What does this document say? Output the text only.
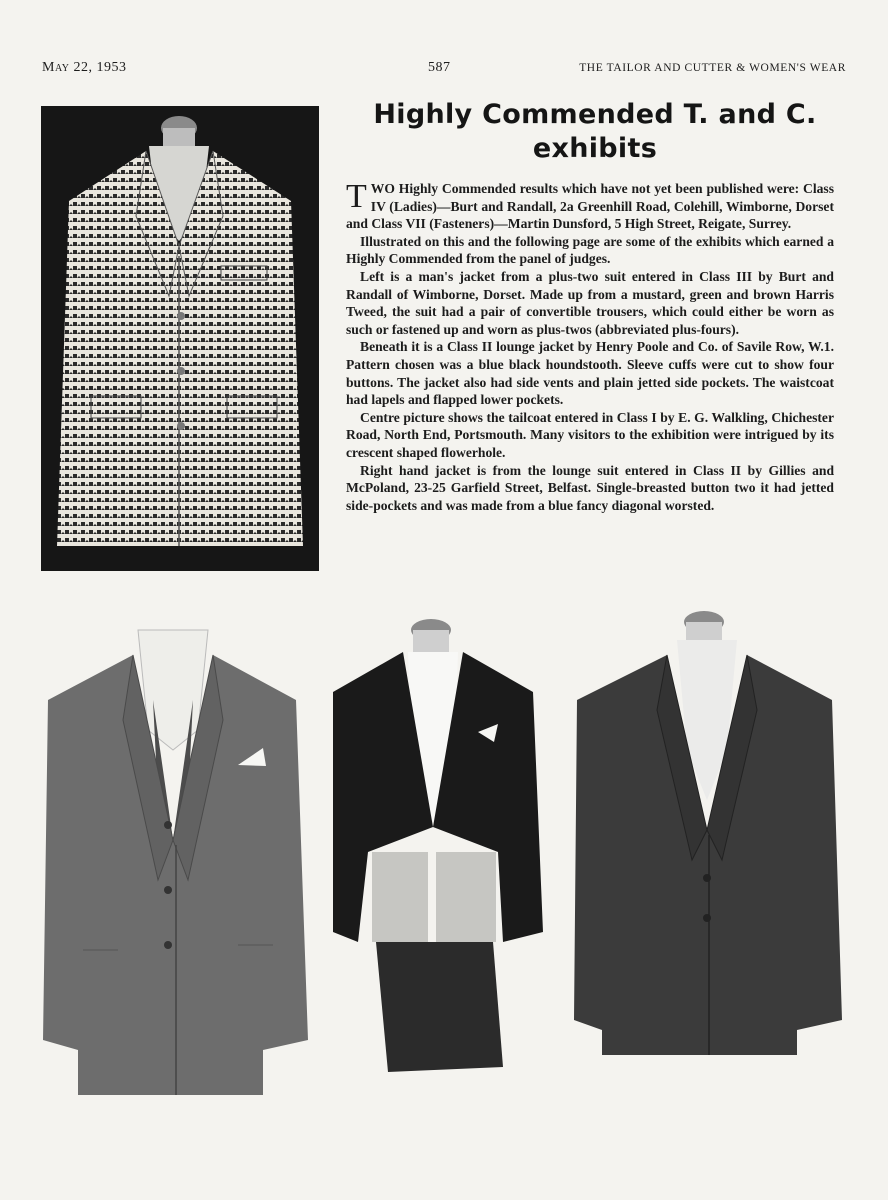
May 22, 1953	587	THE TAILOR AND CUTTER & WOMEN'S WEAR
Highly Commended T. and C.
exhibits

TWO Highly Commended results which have not yet been published were: Class IV (Ladies)—Burt and Randall, 2a Greenhill Road, Colehill, Wimborne, Dorset and Class VII (Fasteners)—Martin Dunsford, 5 High Street, Reigate, Surrey.

Illustrated on this and the following page are some of the exhibits which earned a Highly Commended from the panel of judges.

Left is a man's jacket from a plus-two suit entered in Class III by Burt and Randall of Wimborne, Dorset. Made up from a mustard, green and brown Harris Tweed, the suit had a pair of convertible trousers, which could either be worn as such or fastened up and worn as plus-twos (abbreviated plus-fours).

Beneath it is a Class II lounge jacket by Henry Poole and Co. of Savile Row, W.1. Pattern chosen was a blue black houndstooth. Sleeve cuffs were cut to show four buttons. The jacket also had side vents and plain jetted side pockets. The waistcoat had lapels and flapped lower pockets.

Centre picture shows the tailcoat entered in Class I by E. G. Walkling, Chichester Road, North End, Portsmouth. Many visitors to the exhibition were intrigued by its crescent shaped flowerhole.

Right hand jacket is from the lounge suit entered in Class II by Gillies and McPoland, 23-25 Garfield Street, Belfast. Single-breasted button two it had jetted side-pockets and was made from a blue fancy diagonal worsted.
